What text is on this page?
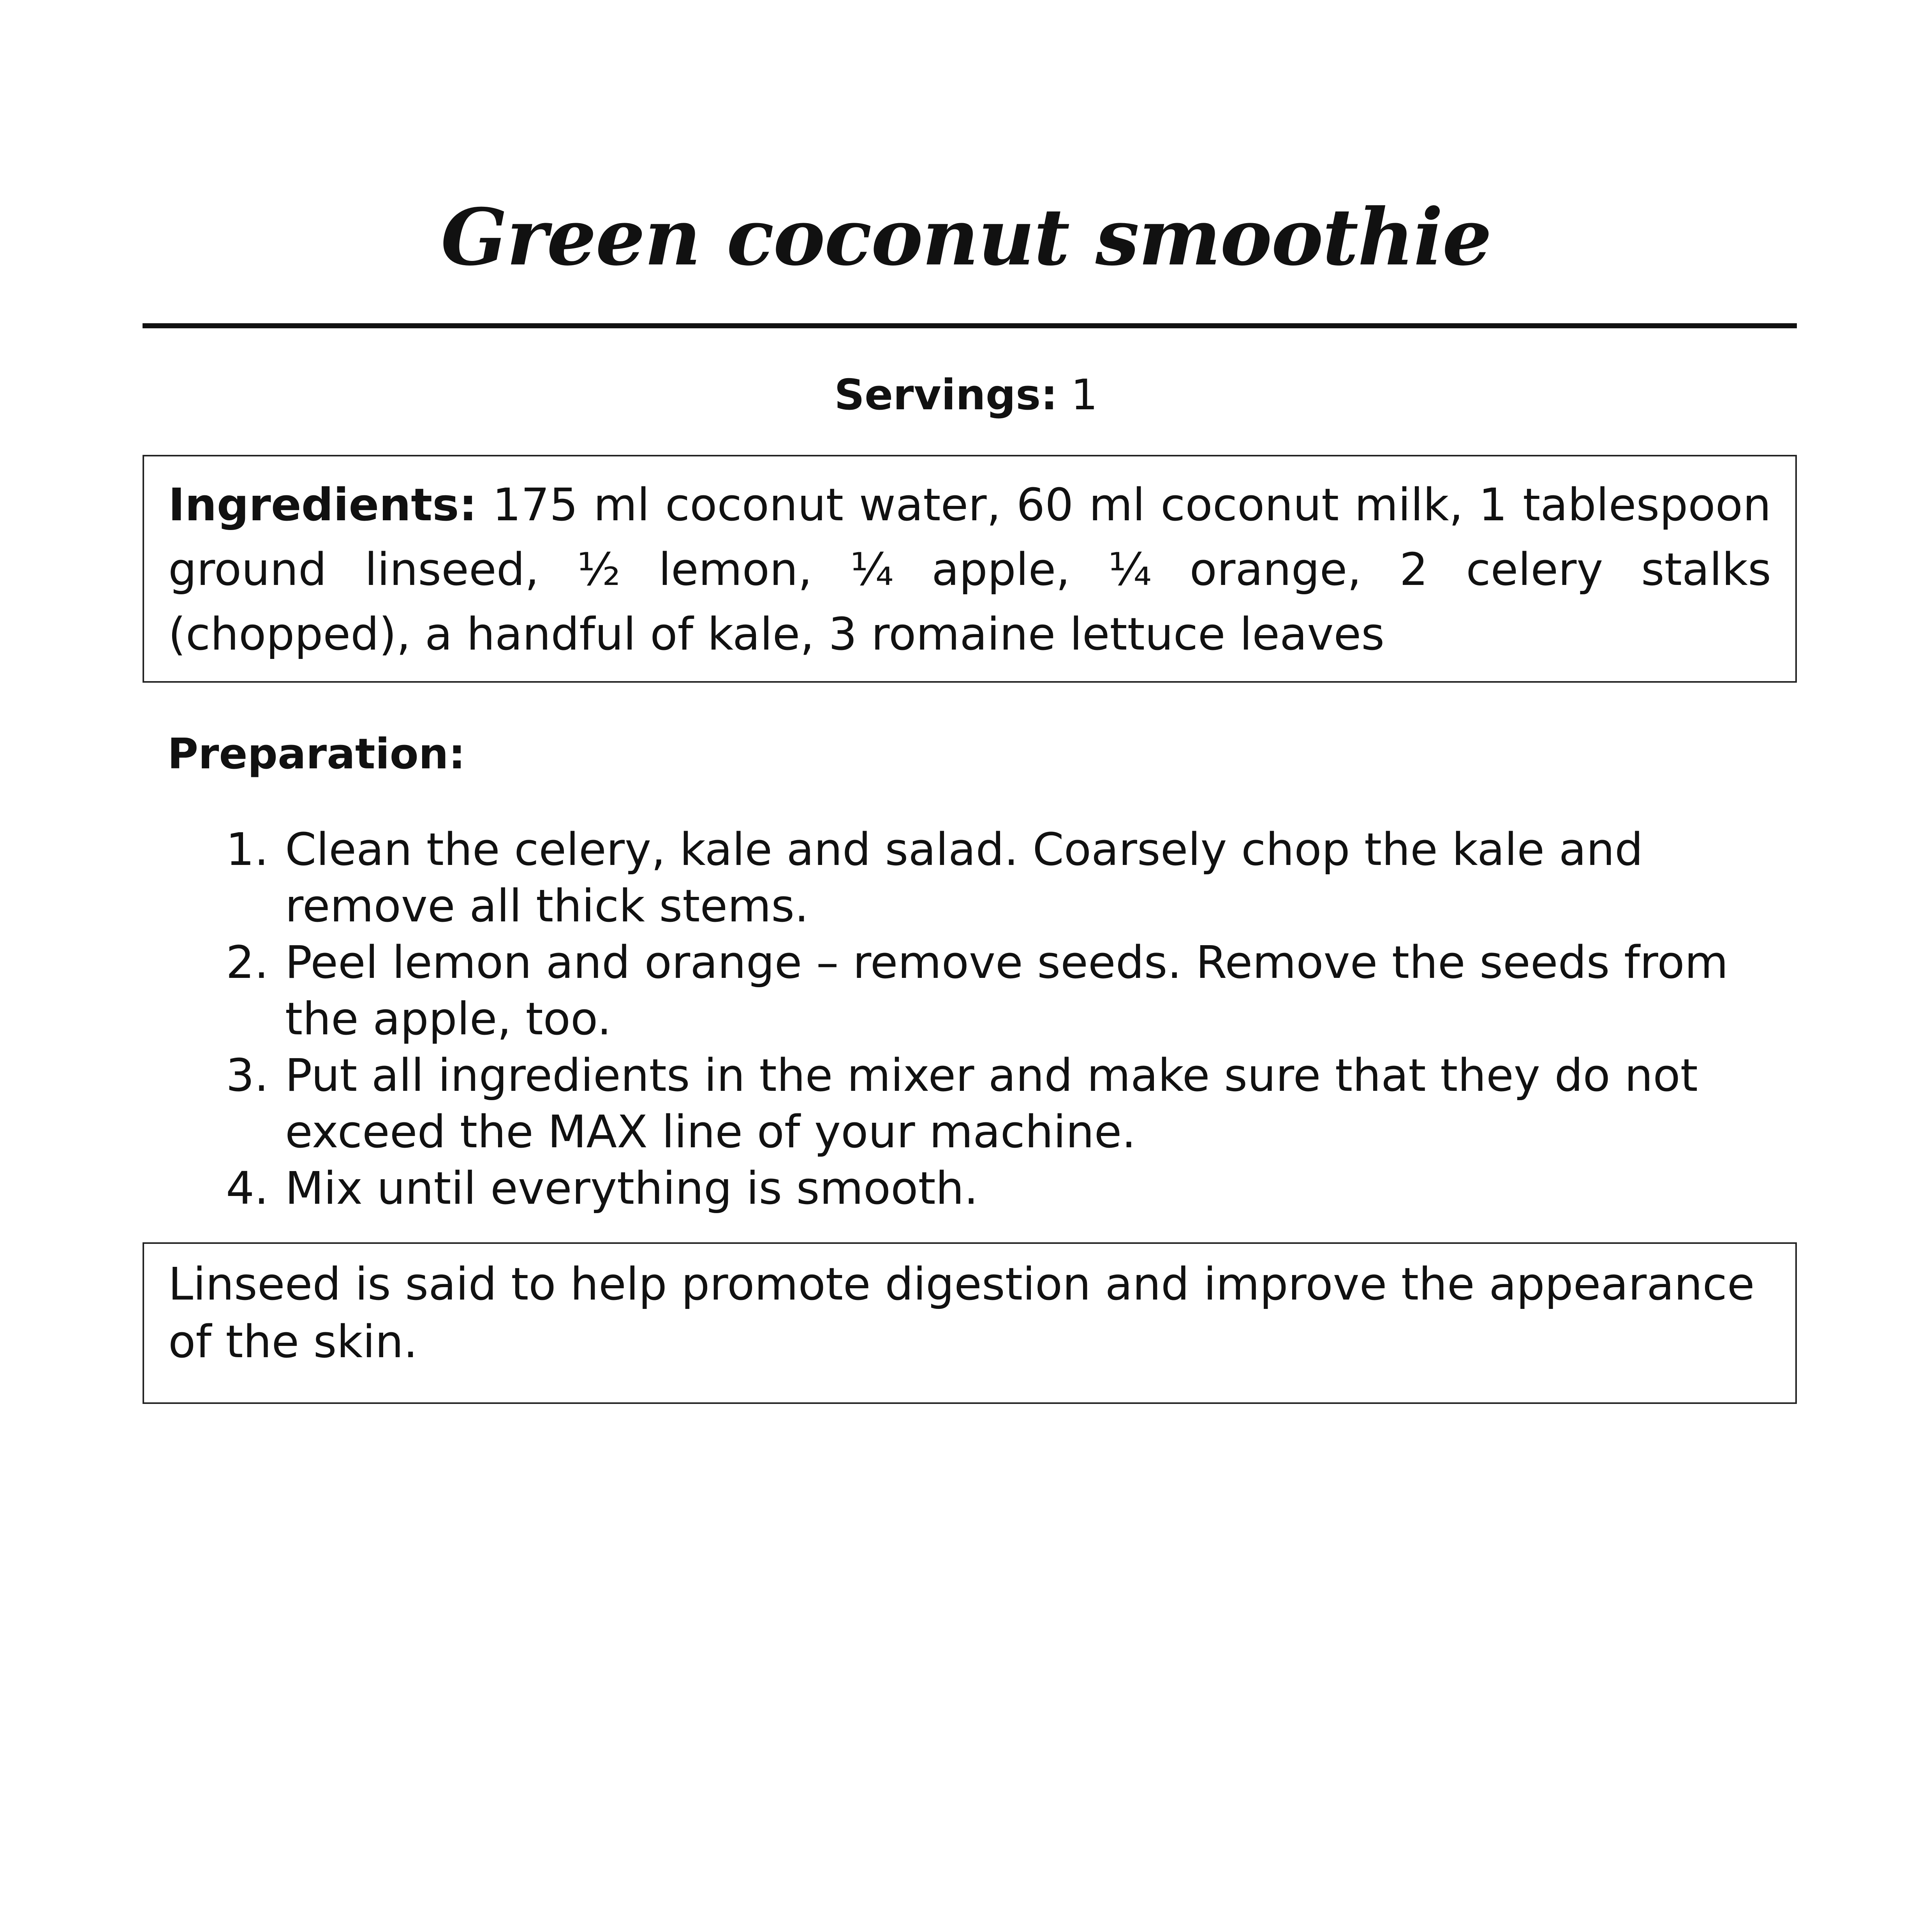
Green coconut smoothie
Servings: 1

Ingredients: 175 ml coconut water, 60 ml coconut milk, 1 tablespoon ground linseed, ½ lemon, ¼ apple, ¼ orange, 2 celery stalks (chopped), a handful of kale, 3 romaine lettuce leaves

Preparation:
1. Clean the celery, kale and salad. Coarsely chop the kale and remove all thick stems.
2. Peel lemon and orange – remove seeds. Remove the seeds from the apple, too.
3. Put all ingredients in the mixer and make sure that they do not exceed the MAX line of your machine.
4. Mix until everything is smooth.

Linseed is said to help promote digestion and improve the appearance of the skin.
